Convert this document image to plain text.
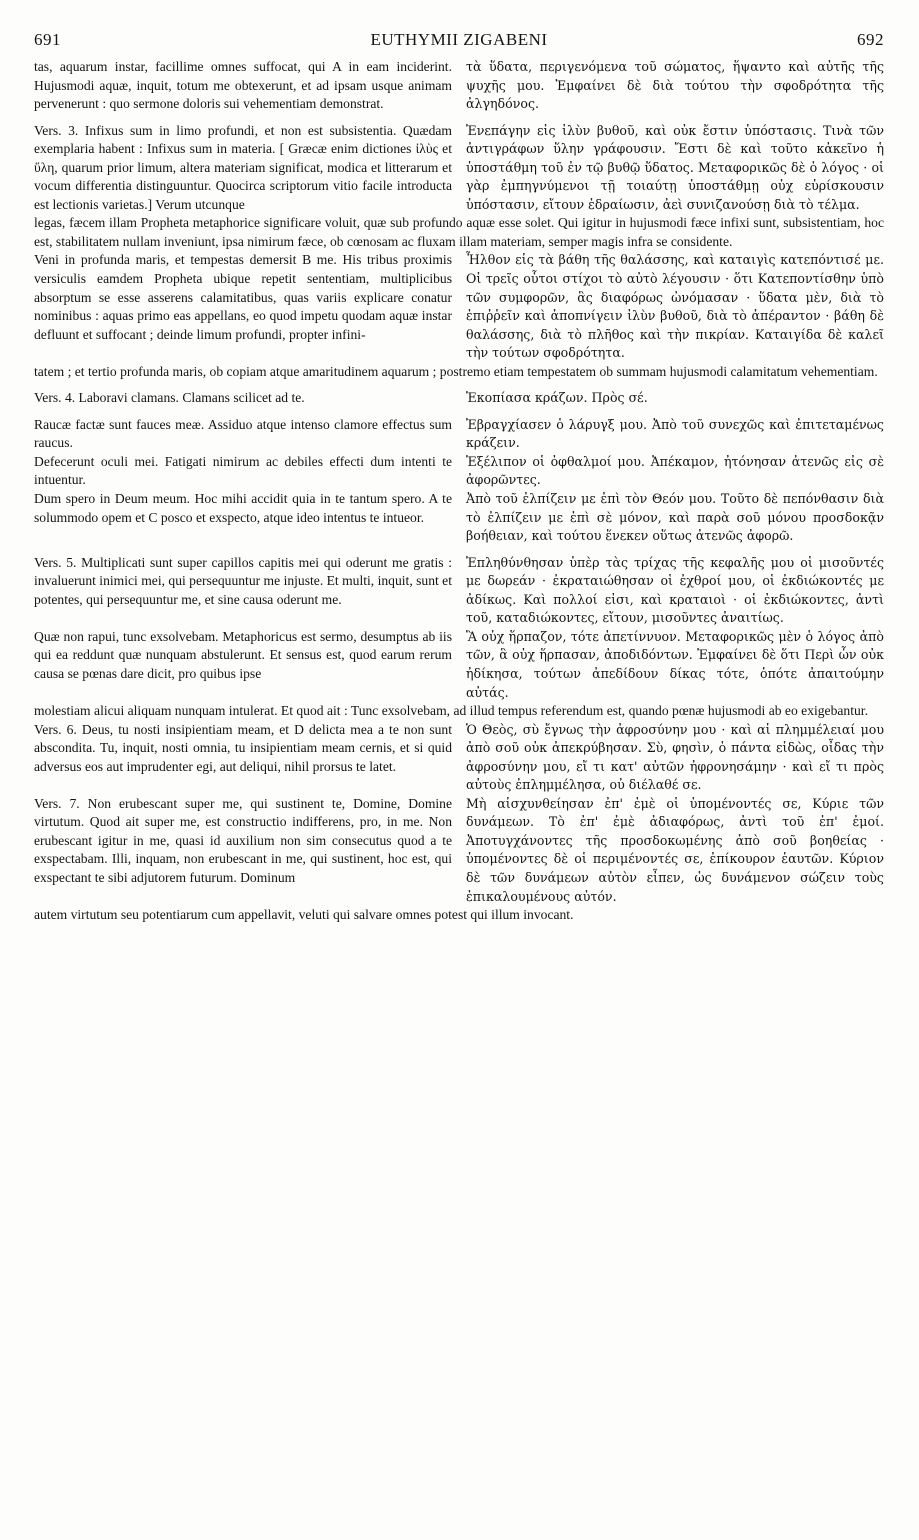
691	EUTHYMII ZIGABENI	692
tas, aquarum instar, facillime omnes suffocat, qui A in eam inciderint. Hujusmodi aquæ, inquit, totum me obtexerunt, et ad ipsam usque animam pervenerunt : quo sermone doloris sui vehementiam demonstrat.
τὰ ὕδατα, περιγενόμενα τοῦ σώματος, ἥψαντο καὶ αὐτῆς τῆς ψυχῆς μου. Ἐμφαίνει δὲ διὰ τούτου τὴν σφοδρότητα τῆς ἀλγηδόνος.
Vers. 3. Infixus sum in limo profundi, et non est subsistentia. Quædam exemplaria habent : Infixus sum in materia. [ Græcæ enim dictiones ἰλὺς et ὕλη, quarum prior limum, altera materiam significat, modica et litterarum et vocum differentia distinguuntur. Quocirca scriptorum vitio facile introducta est lectionis varietas.] Verum utcunque
Ἐνεπάγην εἰς ἰλὺν βυθοῦ, καὶ οὐκ ἔστιν ὑπόστασις. Τινὰ τῶν ἀντιγράφων ὕλην γράφουσιν. Ἔστι δὲ καὶ τοῦτο κἀκεῖνο ἡ ὑποστάθμη τοῦ ἐν τῷ βυθῷ ὕδατος. Μεταφορικῶς δὲ ὁ λόγος · οἱ γὰρ ἐμπηγνύμενοι τῇ τοιαύτῃ ὑποστάθμῃ οὐχ εὑρίσκουσιν ὑπόστασιν, εἴτουν ἑδραίωσιν, ἀεὶ συνιζανούσῃ διὰ τὸ τέλμα.
legas, fæcem illam Propheta metaphorice significare voluit, quæ sub profundo aquæ esse solet. Qui igitur in hujusmodi fæce infixi sunt, subsistentiam, hoc est, stabilitatem nullam inveniunt, ipsa nimirum fæce, ob cœnosam ac fluxam illam materiam, semper magis infra se considente.
Veni in profunda maris, et tempestas demersit B me. His tribus proximis versiculis eamdem Propheta ubique repetit sententiam, multiplicibus absorptum se esse asserens calamitatibus, quas variis explicare conatur nominibus : aquas primo eas appellans, eo quod impetu quodam aquæ instar defluunt et suffocant ; deinde limum profundi, propter infini-
Ἦλθον εἰς τὰ βάθη τῆς θαλάσσης, καὶ καταιγὶς κατεπόντισέ με. Οἱ τρεῖς οὗτοι στίχοι τὸ αὐτὸ λέγουσιν · ὅτι Κατεποντίσθην ὑπὸ τῶν συμφορῶν, ἃς διαφόρως ὠνόμασαν · ὕδατα μὲν, διὰ τὸ ἐπιῤῥεῖν καὶ ἀποπνίγειν ἰλὺν βυθοῦ, διὰ τὸ ἀπέραντον · βάθη δὲ θαλάσσης, διὰ τὸ πλῆθος καὶ τὴν πικρίαν. Καταιγίδα δὲ καλεῖ τὴν τούτων σφοδρότητα.
tatem ; et tertio profunda maris, ob copiam atque amaritudinem aquarum ; postremo etiam tempestatem ob summam hujusmodi calamitatum vehementiam.
Vers. 4. Laboravi clamans. Clamans scilicet ad te.	Ἐκοπίασα κράζων. Πρὸς σέ.
Raucæ factæ sunt fauces meæ. Assiduo atque intenso clamore effectus sum raucus.
Ἐβραγχίασεν ὁ λάρυγξ μου. Ἀπὸ τοῦ συνεχῶς καὶ ἐπιτεταμένως κράζειν.
Defecerunt oculi mei. Fatigati nimirum ac debiles effecti dum intenti te intuentur.
Ἐξέλιπον οἱ ὀφθαλμοί μου. Ἀπέκαμον, ἠτόνησαν ἀτενῶς εἰς σὲ ἀφορῶντες.
Dum spero in Deum meum. Hoc mihi accidit quia in te tantum spero. A te solummodo opem et C posco et exspecto, atque ideo intentus te intueor.
Ἀπὸ τοῦ ἐλπίζειν με ἐπὶ τὸν Θεόν μου. Τοῦτο δὲ πεπόνθασιν διὰ τὸ ἐλπίζειν με ἐπὶ σὲ μόνον, καὶ παρὰ σοῦ μόνου προσδοκᾷν βοήθειαν, καὶ τούτου ἕνεκεν οὕτως ἀτενῶς ἀφορῶ.
Vers. 5. Multiplicati sunt super capillos capitis mei qui oderunt me gratis : invaluerunt inimici mei, qui persequuntur me injuste. Et multi, inquit, sunt et potentes, qui persequuntur me, et sine causa oderunt me.
Ἐπληθύνθησαν ὑπὲρ τὰς τρίχας τῆς κεφαλῆς μου οἱ μισοῦντές με δωρεάν · ἐκραταιώθησαν οἱ ἐχθροί μου, οἱ ἐκδιώκοντές με ἀδίκως. Καὶ πολλοί εἰσι, καὶ κραταιοὶ · οἱ ἐκδιώκοντες, ἀντὶ τοῦ, καταδιώκοντες, εἴτουν, μισοῦντες ἀναιτίως.
Quæ non rapui, tunc exsolvebam. Metaphoricus est sermo, desumptus ab iis qui ea reddunt quæ nunquam abstulerunt. Et sensus est, quod earum rerum causa se pœnas dare dicit, pro quibus ipse
Ἃ οὐχ ἥρπαζον, τότε ἀπετίννυον. Μεταφορικῶς μὲν ὁ λόγος ἀπὸ τῶν, ἃ οὐχ ἥρπασαν, ἀποδιδόντων. Ἐμφαίνει δὲ ὅτι Περὶ ὧν οὐκ ἠδίκησα, τούτων ἀπεδίδουν δίκας τότε, ὁπότε ἀπαιτούμην αὐτάς.
molestiam alicui aliquam nunquam intulerat. Et quod ait : Tunc exsolvebam, ad illud tempus referendum est, quando pœnæ hujusmodi ab eo exigebantur.
Vers. 6. Deus, tu nosti insipientiam meam, et D delicta mea a te non sunt abscondita. Tu, inquit, nosti omnia, tu insipientiam meam cernis, et si quid adversus eos aut imprudenter egi, aut deliqui, nihil prorsus te latet.
Ὁ Θεὸς, σὺ ἔγνως τὴν ἀφροσύνην μου · καὶ αἱ πλημμέλειαί μου ἀπὸ σοῦ οὐκ ἀπεκρύβησαν. Σὺ, φησὶν, ὁ πάντα εἰδὼς, οἶδας τὴν ἀφροσύνην μου, εἴ τι κατ' αὐτῶν ἠφρονησάμην · καὶ εἴ τι πρὸς αὐτοὺς ἐπλημμέλησα, οὐ διέλαθέ σε.
Vers. 7. Non erubescant super me, qui sustinent te, Domine, Domine virtutum. Quod ait super me, est constructio indifferens, pro, in me. Non erubescant igitur in me, quasi id auxilium non sim consecutus quod a te exspectabam. Illi, inquam, non erubescant in me, qui sustinent, hoc est, qui exspectant te sibi adjutorem futurum. Dominum
Μὴ αἰσχυνθείησαν ἐπ' ἐμὲ οἱ ὑπομένοντές σε, Κύριε τῶν δυνάμεων. Τὸ ἐπ' ἐμὲ ἀδιαφόρως, ἀντὶ τοῦ ἐπ' ἐμοί. Ἀποτυγχάνοντες τῆς προσδοκωμένης ἀπὸ σοῦ βοηθείας · ὑπομένοντες δὲ οἱ περιμένοντές σε, ἐπίκουρον ἑαυτῶν. Κύριον δὲ τῶν δυνάμεων αὐτὸν εἶπεν, ὡς δυνάμενον σώζειν τοὺς ἐπικαλουμένους αὐτόν.
autem virtutum seu potentiarum cum appellavit, veluti qui salvare omnes potest qui illum invocant.
